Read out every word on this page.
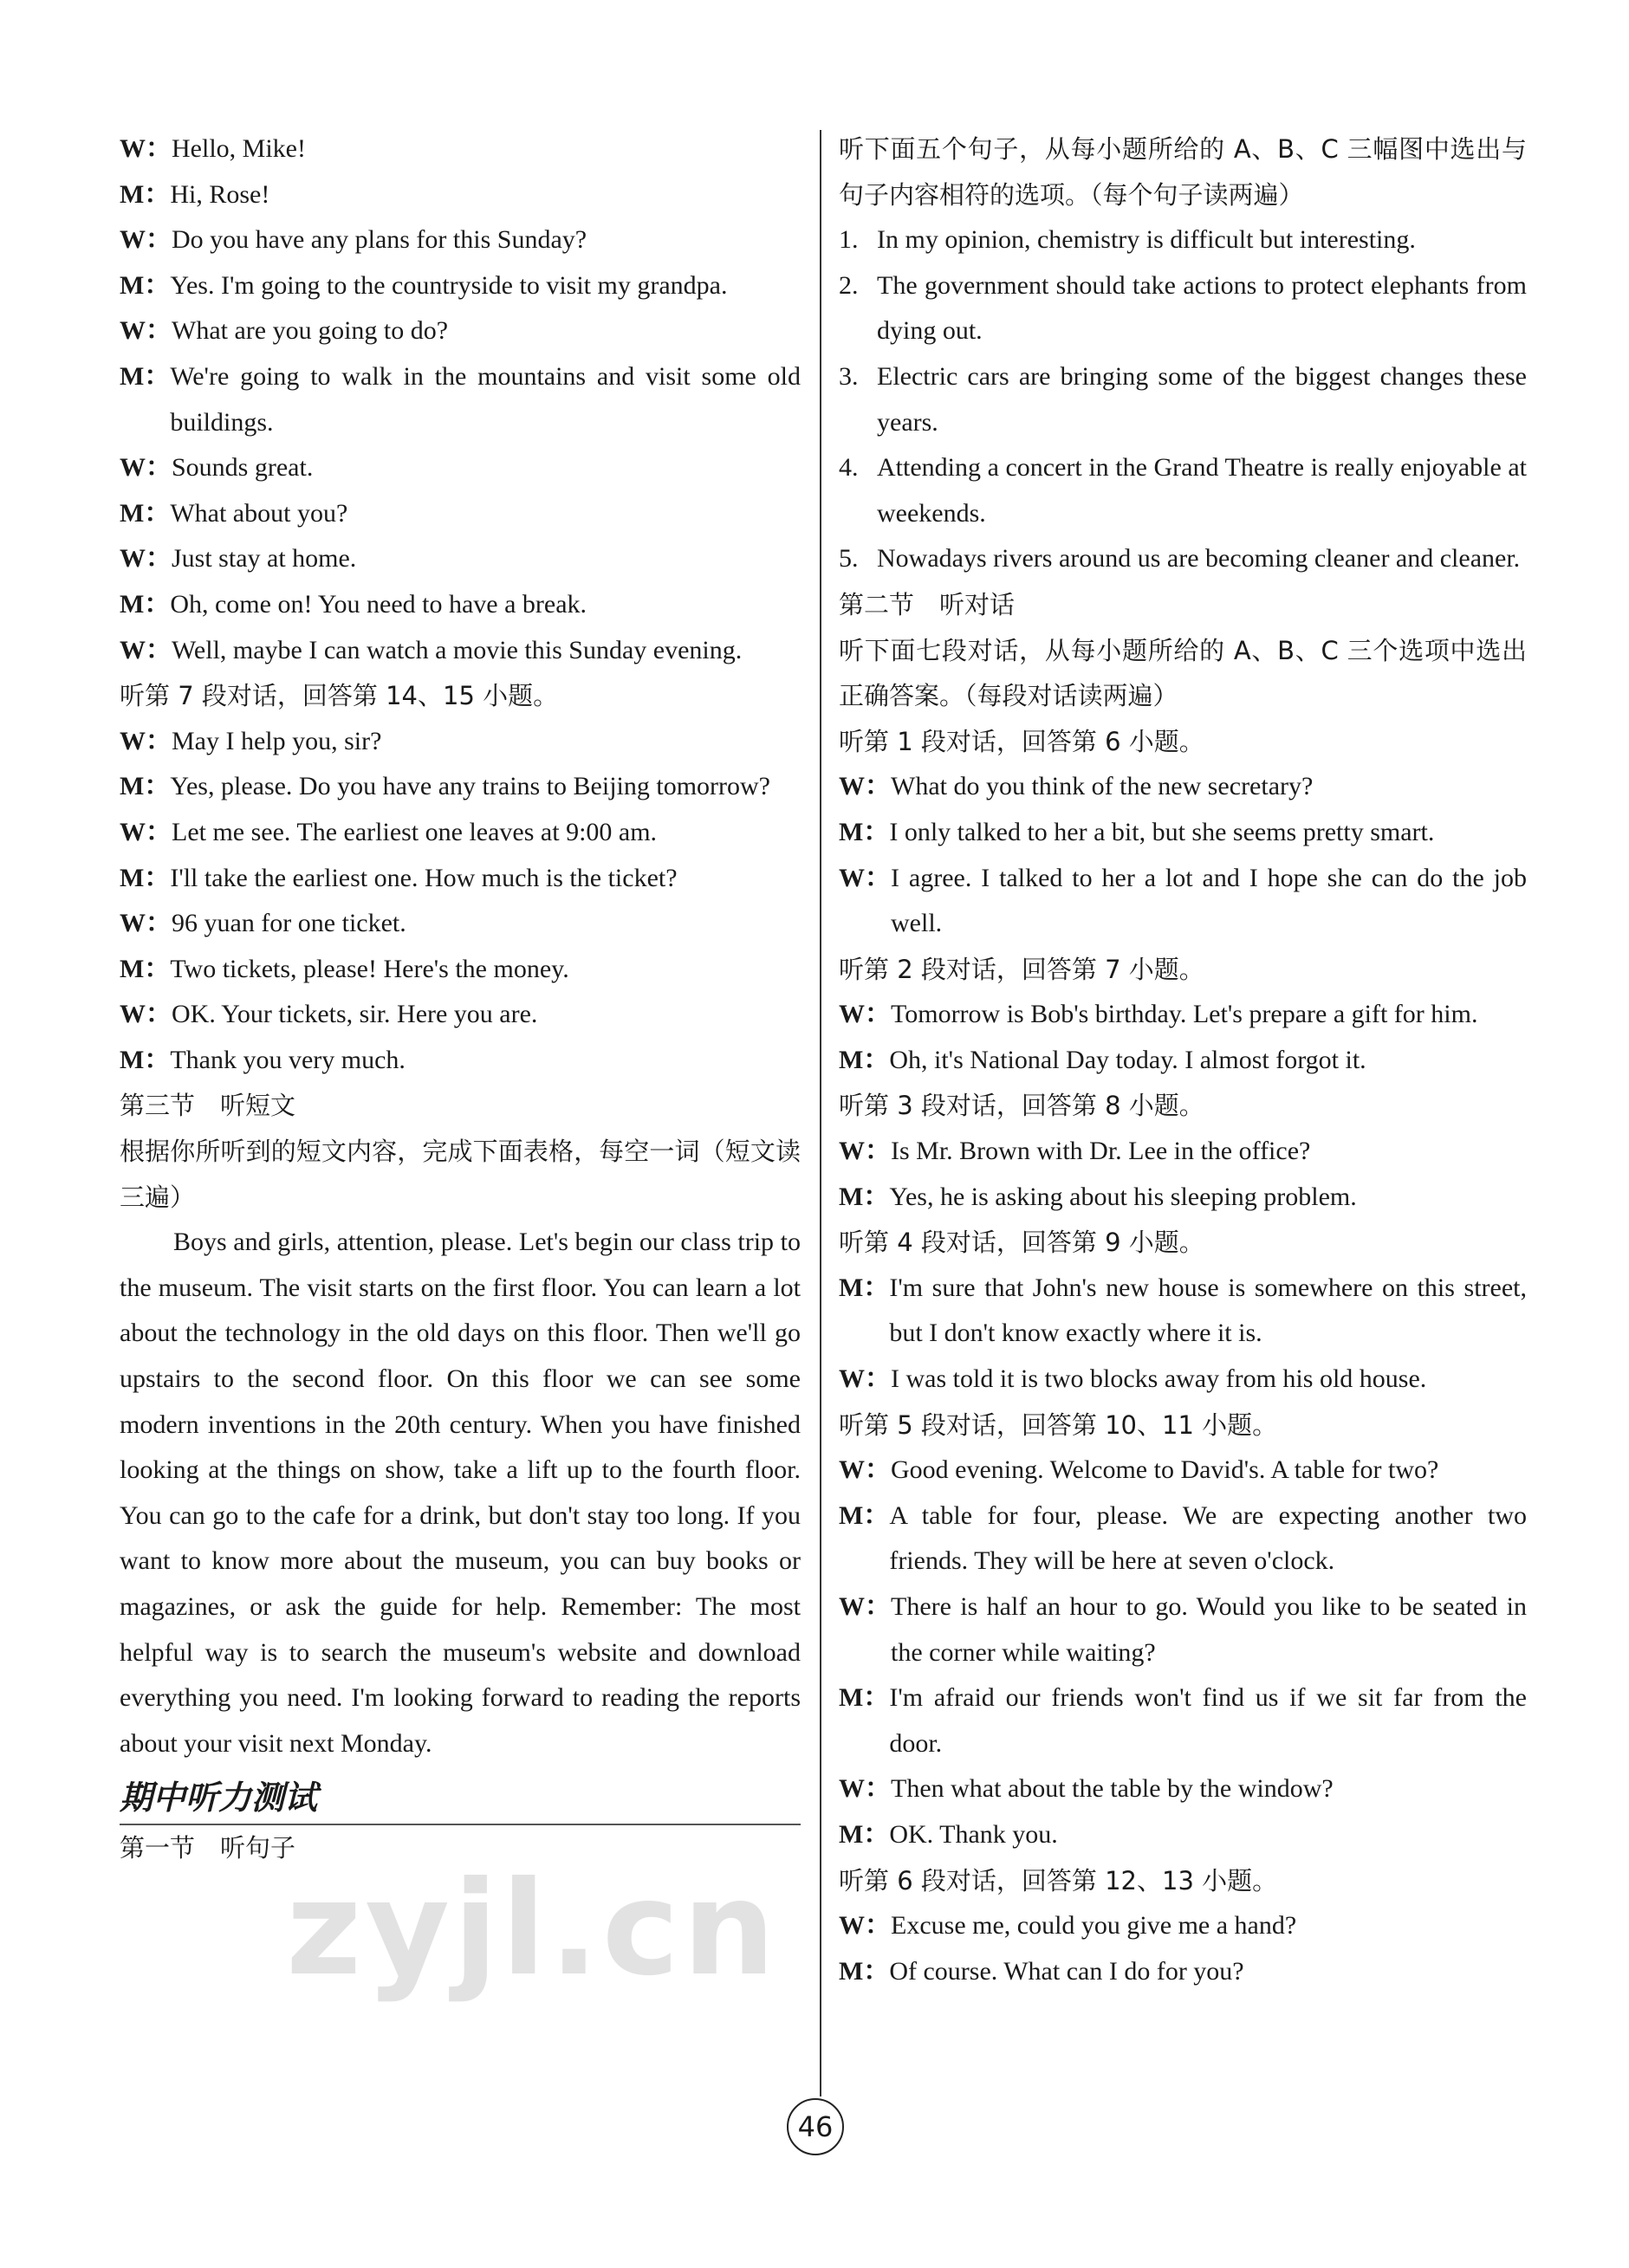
W： Hello, Mike!
M： Hi, Rose!
W： Do you have any plans for this Sunday?
M： Yes. I'm going to the countryside to visit my grandpa.
W： What are you going to do?
M： We're going to walk in the mountains and visit some old buildings.
W： Sounds great.
M： What about you?
W： Just stay at home.
M： Oh, come on! You need to have a break.
W： Well, maybe I can watch a movie this Sunday evening.
听第 7 段对话，回答第 14、15 小题。
W： May I help you, sir?
M： Yes, please. Do you have any trains to Beijing tomorrow?
W： Let me see. The earliest one leaves at 9:00 am.
M： I'll take the earliest one. How much is the ticket?
W： 96 yuan for one ticket.
M： Two tickets, please! Here's the money.
W： OK. Your tickets, sir. Here you are.
M： Thank you very much.
第三节　听短文
根据你所听到的短文内容，完成下面表格，每空一词（短文读三遍）
Boys and girls, attention, please. Let's begin our class trip to the museum. The visit starts on the first floor. You can learn a lot about the technology in the old days on this floor. Then we'll go upstairs to the second floor. On this floor we can see some modern inventions in the 20th century. When you have finished looking at the things on show, take a lift up to the fourth floor. You can go to the cafe for a drink, but don't stay too long. If you want to know more about the museum, you can buy books or magazines, or ask the guide for help. Remember: The most helpful way is to search the museum's website and download everything you need. I'm looking forward to reading the reports about your visit next Monday.
期中听力测试
第一节　听句子
听下面五个句子，从每小题所给的 A、B、C 三幅图中选出与句子内容相符的选项。（每个句子读两遍）
1. In my opinion, chemistry is difficult but interesting.
2. The government should take actions to protect elephants from dying out.
3. Electric cars are bringing some of the biggest changes these years.
4. Attending a concert in the Grand Theatre is really enjoyable at weekends.
5. Nowadays rivers around us are becoming cleaner and cleaner.
第二节　听对话
听下面七段对话，从每小题所给的 A、B、C 三个选项中选出正确答案。（每段对话读两遍）
听第 1 段对话，回答第 6 小题。
W： What do you think of the new secretary?
M： I only talked to her a bit, but she seems pretty smart.
W： I agree. I talked to her a lot and I hope she can do the job well.
听第 2 段对话，回答第 7 小题。
W： Tomorrow is Bob's birthday. Let's prepare a gift for him.
M： Oh, it's National Day today. I almost forgot it.
听第 3 段对话，回答第 8 小题。
W： Is Mr. Brown with Dr. Lee in the office?
M： Yes, he is asking about his sleeping problem.
听第 4 段对话，回答第 9 小题。
M： I'm sure that John's new house is somewhere on this street, but I don't know exactly where it is.
W： I was told it is two blocks away from his old house.
听第 5 段对话，回答第 10、11 小题。
W： Good evening. Welcome to David's. A table for two?
M： A table for four, please. We are expecting another two friends. They will be here at seven o'clock.
W： There is half an hour to go. Would you like to be seated in the corner while waiting?
M： I'm afraid our friends won't find us if we sit far from the door.
W： Then what about the table by the window?
M： OK. Thank you.
听第 6 段对话，回答第 12、13 小题。
W： Excuse me, could you give me a hand?
M： Of course. What can I do for you?
zyjl.cn
46
